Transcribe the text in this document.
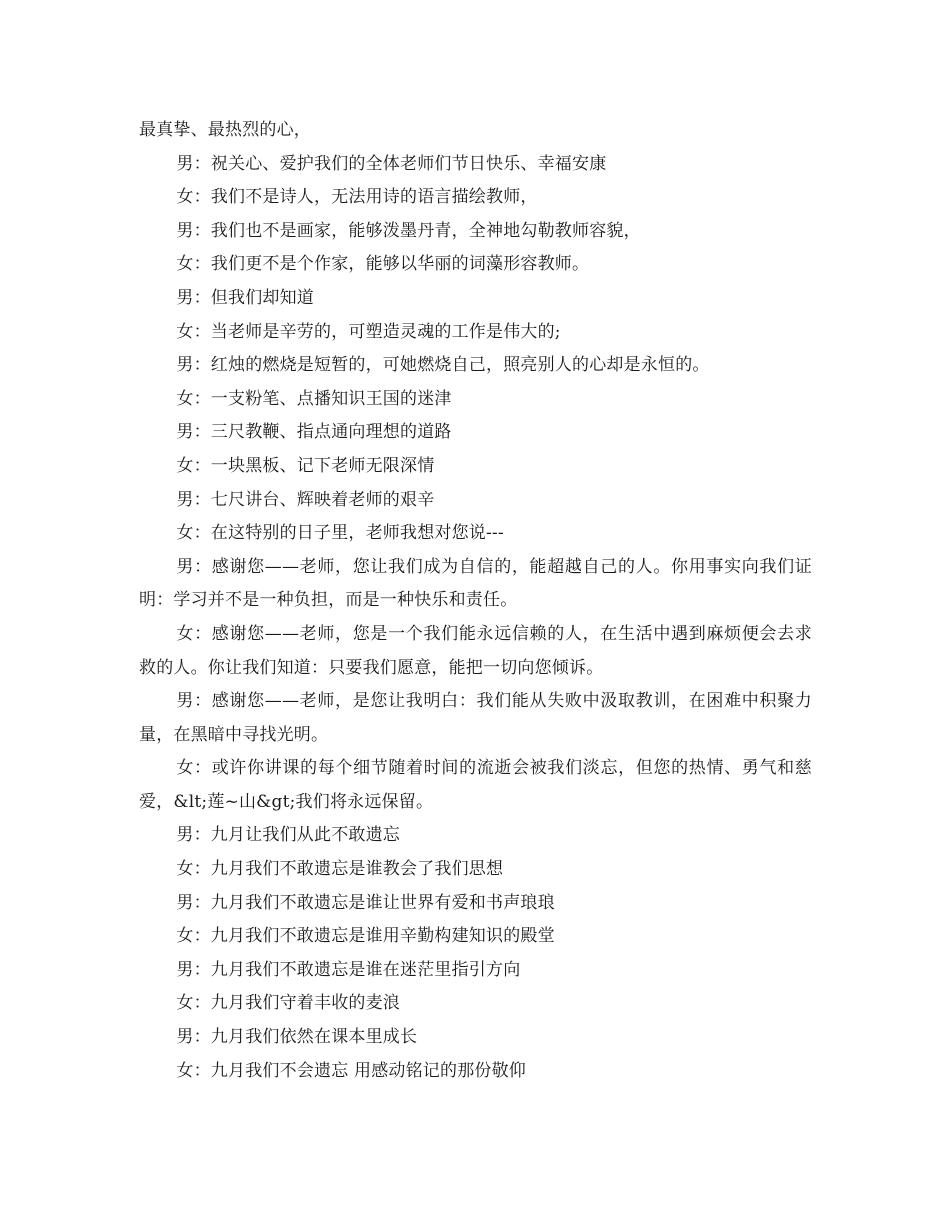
最真挚、最热烈的心，

男：祝关心、爱护我们的全体老师们节日快乐、幸福安康

女：我们不是诗人，无法用诗的语言描绘教师，

男：我们也不是画家，能够泼墨丹青，全神地勾勒教师容貌，

女：我们更不是个作家，能够以华丽的词藻形容教师。

男：但我们却知道

女：当老师是辛劳的，可塑造灵魂的工作是伟大的;

男：红烛的燃烧是短暂的，可她燃烧自己，照亮别人的心却是永恒的。

女：一支粉笔、点播知识王国的迷津

男：三尺教鞭、指点通向理想的道路

女：一块黑板、记下老师无限深情

男：七尺讲台、辉映着老师的艰辛

女：在这特别的日子里，老师我想对您说---

男：感谢您——老师，您让我们成为自信的，能超越自己的人。你用事实向我们证明：学习并不是一种负担，而是一种快乐和责任。

女：感谢您——老师，您是一个我们能永远信赖的人，在生活中遇到麻烦便会去求救的人。你让我们知道：只要我们愿意，能把一切向您倾诉。

男：感谢您——老师，是您让我明白：我们能从失败中汲取教训，在困难中积聚力量，在黑暗中寻找光明。

女：或许你讲课的每个细节随着时间的流逝会被我们淡忘，但您的热情、勇气和慈爱，&lt;莲~山&gt;我们将永远保留。

男：九月让我们从此不敢遗忘

女：九月我们不敢遗忘是谁教会了我们思想

男：九月我们不敢遗忘是谁让世界有爱和书声琅琅

女：九月我们不敢遗忘是谁用辛勤构建知识的殿堂

男：九月我们不敢遗忘是谁在迷茫里指引方向

女：九月我们守着丰收的麦浪

男：九月我们依然在课本里成长

女：九月我们不会遗忘 用感动铭记的那份敬仰
